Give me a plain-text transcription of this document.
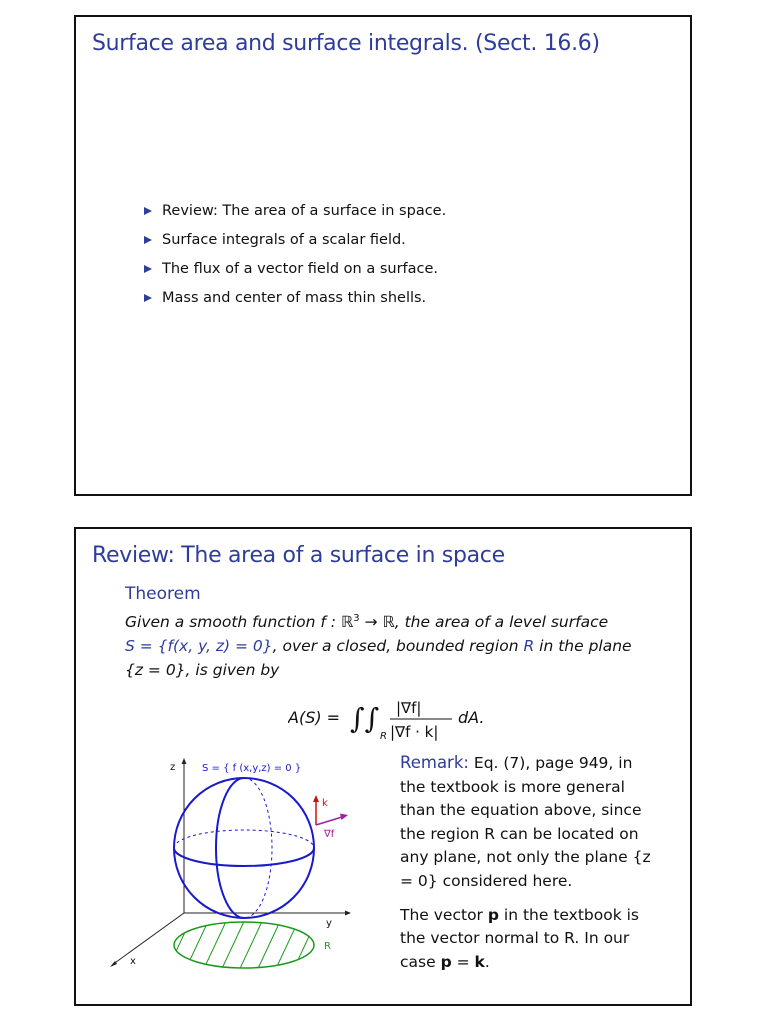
Surface area and surface integrals. (Sect. 16.6)
Review: The area of a surface in space.
Surface integrals of a scalar field.
The flux of a vector field on a surface.
Mass and center of mass thin shells.
Review: The area of a surface in space
Theorem
Given a smooth function f : ℝ$^3$ → ℝ, the area of a level surface
S = {f(x, y, z) = 0}, over a closed, bounded region R in the plane
{z = 0}, is given by
A(S) = ∫∫
R
|∇f|
|∇f · k|
dA.
z
y
x
S = { f (x,y,z) = 0 }
k
∇f
R

Remark: Eq. (7), page 949, in the textbook is more general than the equation above, since the region R can be located on any plane, not only the plane {z = 0} considered here.

The vector p in the textbook is the vector normal to R. In our case p = k.
